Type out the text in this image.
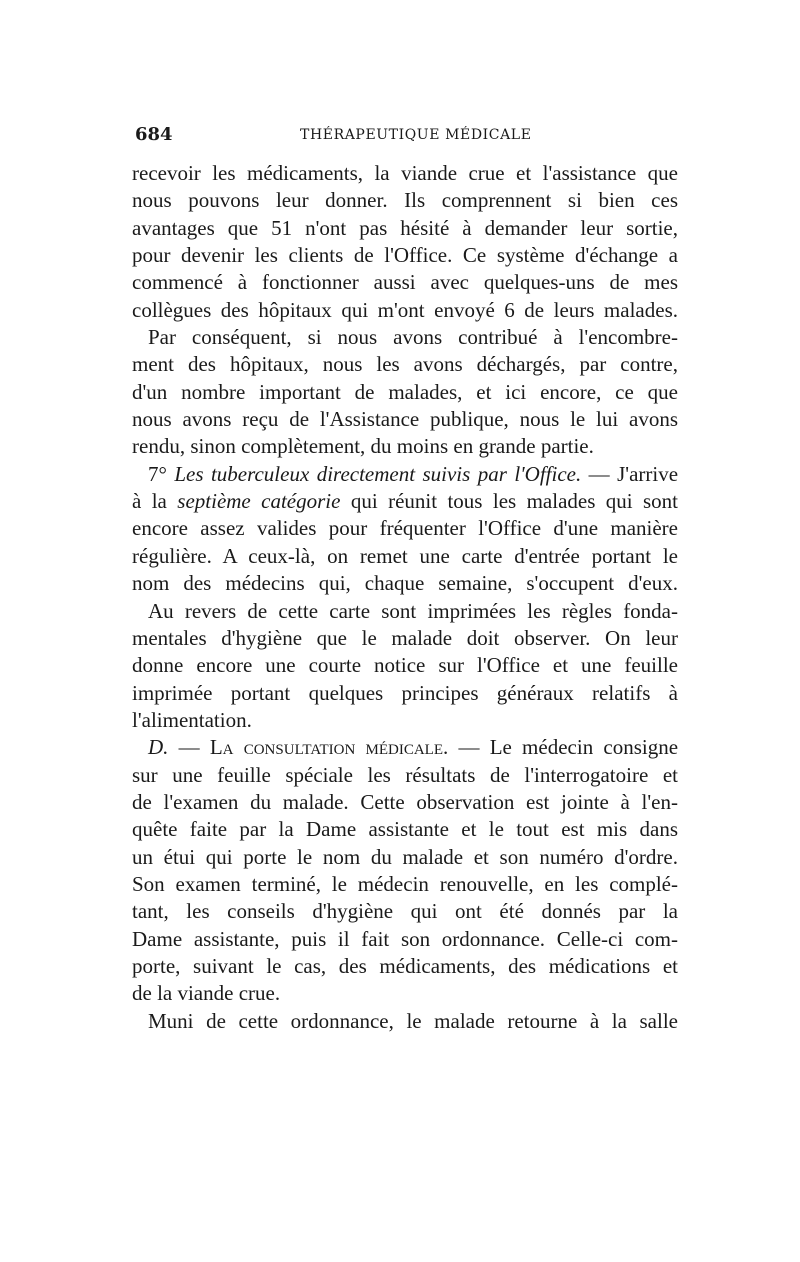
684	THÉRAPEUTIQUE MÉDICALE
recevoir les médicaments, la viande crue et l'assistance que
nous pouvons leur donner. Ils comprennent si bien ces
avantages que 51 n'ont pas hésité à demander leur sortie,
pour devenir les clients de l'Office. Ce système d'échange a
commencé à fonctionner aussi avec quelques-uns de mes
collègues des hôpitaux qui m'ont envoyé 6 de leurs malades.
Par conséquent, si nous avons contribué à l'encombre-
ment des hôpitaux, nous les avons déchargés, par contre,
d'un nombre important de malades, et ici encore, ce que
nous avons reçu de l'Assistance publique, nous le lui avons
rendu, sinon complètement, du moins en grande partie.
7° Les tuberculeux directement suivis par l'Office. — J'arrive
à la septième catégorie qui réunit tous les malades qui sont
encore assez valides pour fréquenter l'Office d'une manière
régulière. A ceux-là, on remet une carte d'entrée portant le
nom des médecins qui, chaque semaine, s'occupent d'eux.
Au revers de cette carte sont imprimées les règles fonda-
mentales d'hygiène que le malade doit observer. On leur
donne encore une courte notice sur l'Office et une feuille
imprimée portant quelques principes généraux relatifs à
l'alimentation.
D. — La consultation médicale. — Le médecin consigne
sur une feuille spéciale les résultats de l'interrogatoire et
de l'examen du malade. Cette observation est jointe à l'en-
quête faite par la Dame assistante et le tout est mis dans
un étui qui porte le nom du malade et son numéro d'ordre.
Son examen terminé, le médecin renouvelle, en les complé-
tant, les conseils d'hygiène qui ont été donnés par la
Dame assistante, puis il fait son ordonnance. Celle-ci com-
porte, suivant le cas, des médicaments, des médications et
de la viande crue.
Muni de cette ordonnance, le malade retourne à la salle
